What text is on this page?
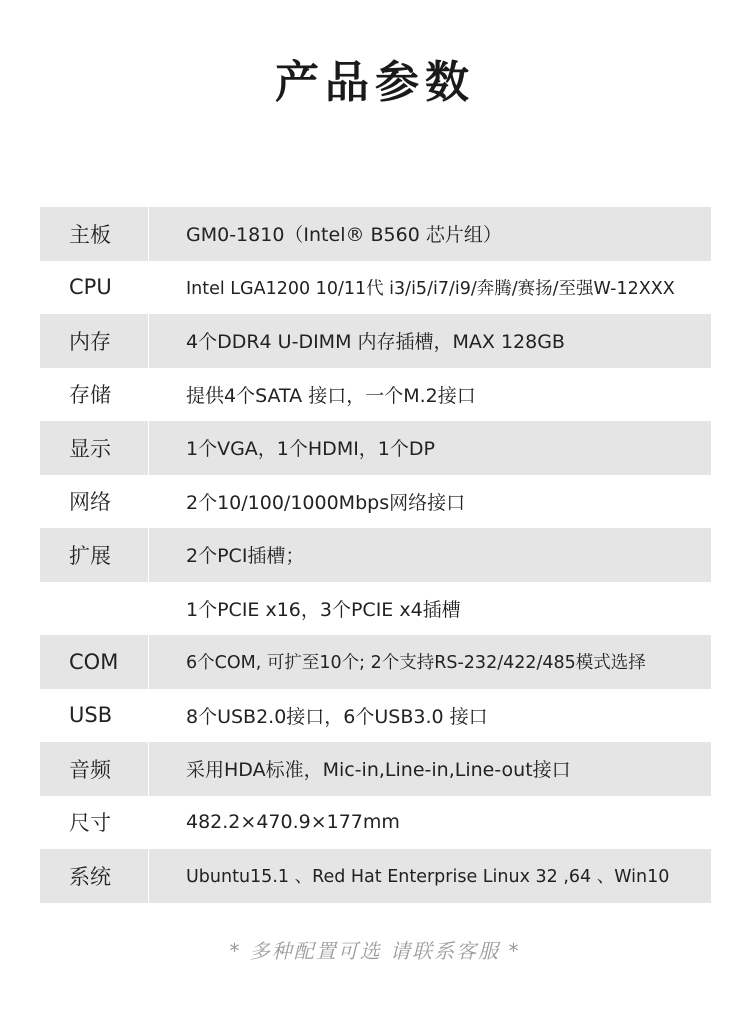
产品参数
主板	GM0-1810（Intel® B560 芯片组）
CPU	Intel LGA1200 10/11代 i3/i5/i7/i9/奔腾/赛扬/至强W-12XXX
内存	4个DDR4 U-DIMM 内存插槽，MAX 128GB
存储	提供4个SATA 接口，一个M.2接口
显示	1个VGA，1个HDMI，1个DP
网络	2个10/100/1000Mbps网络接口
扩展	2个PCI插槽；
1个PCIE x16，3个PCIE x4插槽
COM	6个COM, 可扩至10个; 2个支持RS-232/422/485模式选择
USB	8个USB2.0接口，6个USB3.0 接口
音频	采用HDA标准，Mic-in,Line-in,Line-out接口
尺寸	482.2×470.9×177mm
系统	Ubuntu15.1 、Red Hat Enterprise Linux 32 ,64 、Win10
* 多种配置可选 请联系客服 *
